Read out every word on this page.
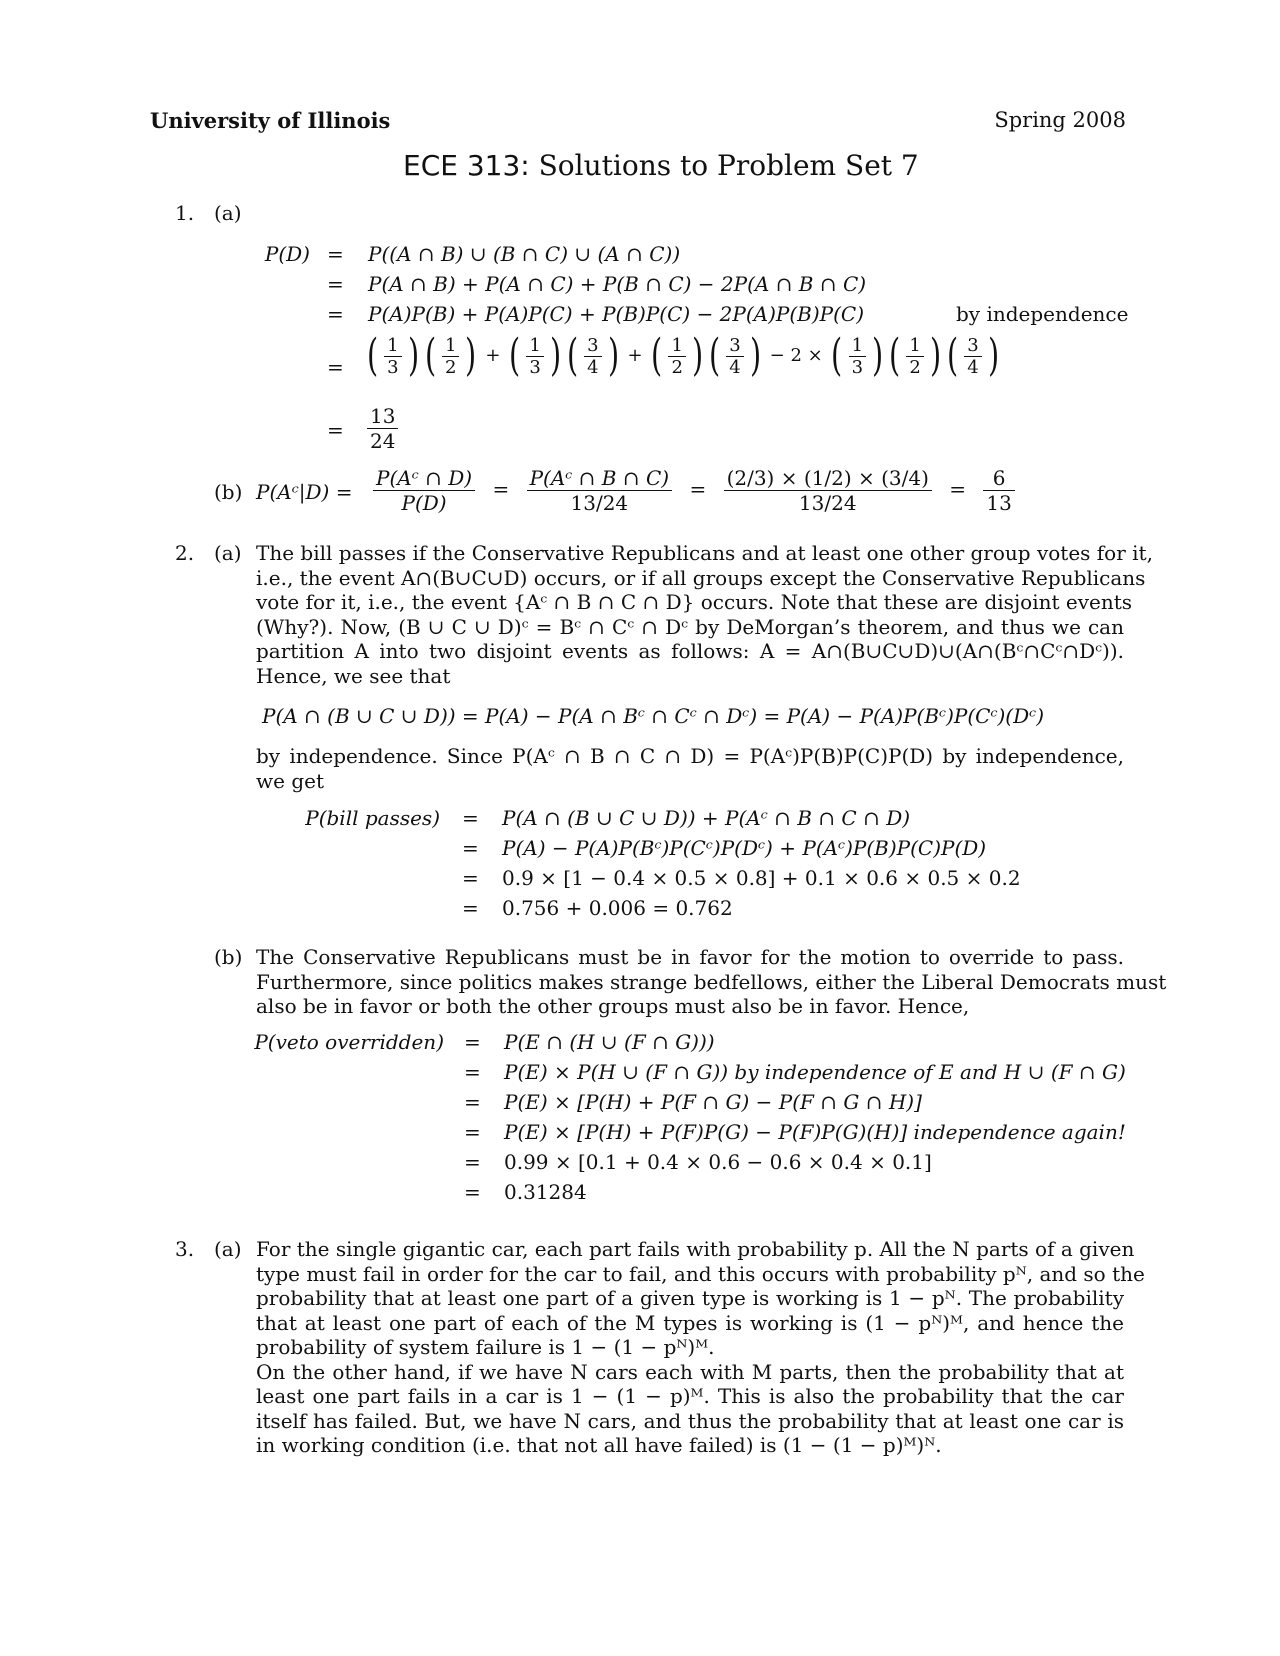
University of Illinois	Spring 2008
ECE 313: Solutions to Problem Set 7
1. (a)
P(D) = P((A ∩ B) ∪ (B ∩ C) ∪ (A ∩ C))
= P(A ∩ B) + P(A ∩ C) + P(B ∩ C) − 2P(A ∩ B ∩ C)
= P(A)P(B) + P(A)P(C) + P(B)P(C) − 2P(A)P(B)P(C)	by independence
= ( $\frac{1}{3}$ ) ( $\frac{1}{2}$ ) + ( $\frac{1}{3}$ ) ( $\frac{3}{4}$ ) + ( $\frac{1}{2}$ ) ( $\frac{3}{4}$ ) − 2 × ( $\frac{1}{3}$ ) ( $\frac{1}{2}$ ) ( $\frac{3}{4}$ )
= $\frac{13}{24}$
(b) P(Aᶜ|D) = $\frac{\text{P(Aᶜ ∩ D)}}{P(D)} = \frac{\text{P(Aᶜ ∩ B ∩ C)}}{13/24} = \frac{(2/3) \times (1/2) \times (3/4)}{13/24} = \frac{6}{13}$
2. (a) The bill passes if the Conservative Republicans and at least one other group votes for it,
i.e., the event A∩(B∪C∪D) occurs, or if all groups except the Conservative Republicans
vote for it, i.e., the event {Aᶜ ∩ B ∩ C ∩ D} occurs. Note that these are disjoint events
(Why?). Now, (B ∪ C ∪ D)ᶜ = Bᶜ ∩ Cᶜ ∩ Dᶜ by DeMorgan’s theorem, and thus we can
partition A into two disjoint events as follows: A = A∩(B∪C∪D)∪(A∩(Bᶜ∩Cᶜ∩Dᶜ)).
Hence, we see that
P(A ∩ (B ∪ C ∪ D)) = P(A) − P(A ∩ Bᶜ ∩ Cᶜ ∩ Dᶜ) = P(A) − P(A)P(Bᶜ)P(Cᶜ)(Dᶜ)
by independence. Since P(Aᶜ ∩ B ∩ C ∩ D) = P(Aᶜ)P(B)P(C)P(D) by independence,
we get
P(bill passes) = P(A ∩ (B ∪ C ∪ D)) + P(Aᶜ ∩ B ∩ C ∩ D)
= P(A) − P(A)P(Bᶜ)P(Cᶜ)P(Dᶜ) + P(Aᶜ)P(B)P(C)P(D)
= 0.9 × [1 − 0.4 × 0.5 × 0.8] + 0.1 × 0.6 × 0.5 × 0.2
= 0.756 + 0.006 = 0.762
(b) The Conservative Republicans must be in favor for the motion to override to pass.
Furthermore, since politics makes strange bedfellows, either the Liberal Democrats must
also be in favor or both the other groups must also be in favor. Hence,
P(veto overridden) = P(E ∩ (H ∪ (F ∩ G)))
= P(E) × P(H ∪ (F ∩ G)) by independence of E and H ∪ (F ∩ G)
= P(E) × [P(H) + P(F ∩ G) − P(F ∩ G ∩ H)]
= P(E) × [P(H) + P(F)P(G) − P(F)P(G)(H)] independence again!
= 0.99 × [0.1 + 0.4 × 0.6 − 0.6 × 0.4 × 0.1]
= 0.31284
3. (a) For the single gigantic car, each part fails with probability p. All the N parts of a given
type must fail in order for the car to fail, and this occurs with probability pᴺ, and so the
probability that at least one part of a given type is working is 1 − pᴺ. The probability
that at least one part of each of the M types is working is (1 − pᴺ)ᴹ, and hence the
probability of system failure is 1 − (1 − pᴺ)ᴹ.
On the other hand, if we have N cars each with M parts, then the probability that at
least one part fails in a car is 1 − (1 − p)ᴹ. This is also the probability that the car
itself has failed. But, we have N cars, and thus the probability that at least one car is
in working condition (i.e. that not all have failed) is (1 − (1 − p)ᴹ)ᴺ.
